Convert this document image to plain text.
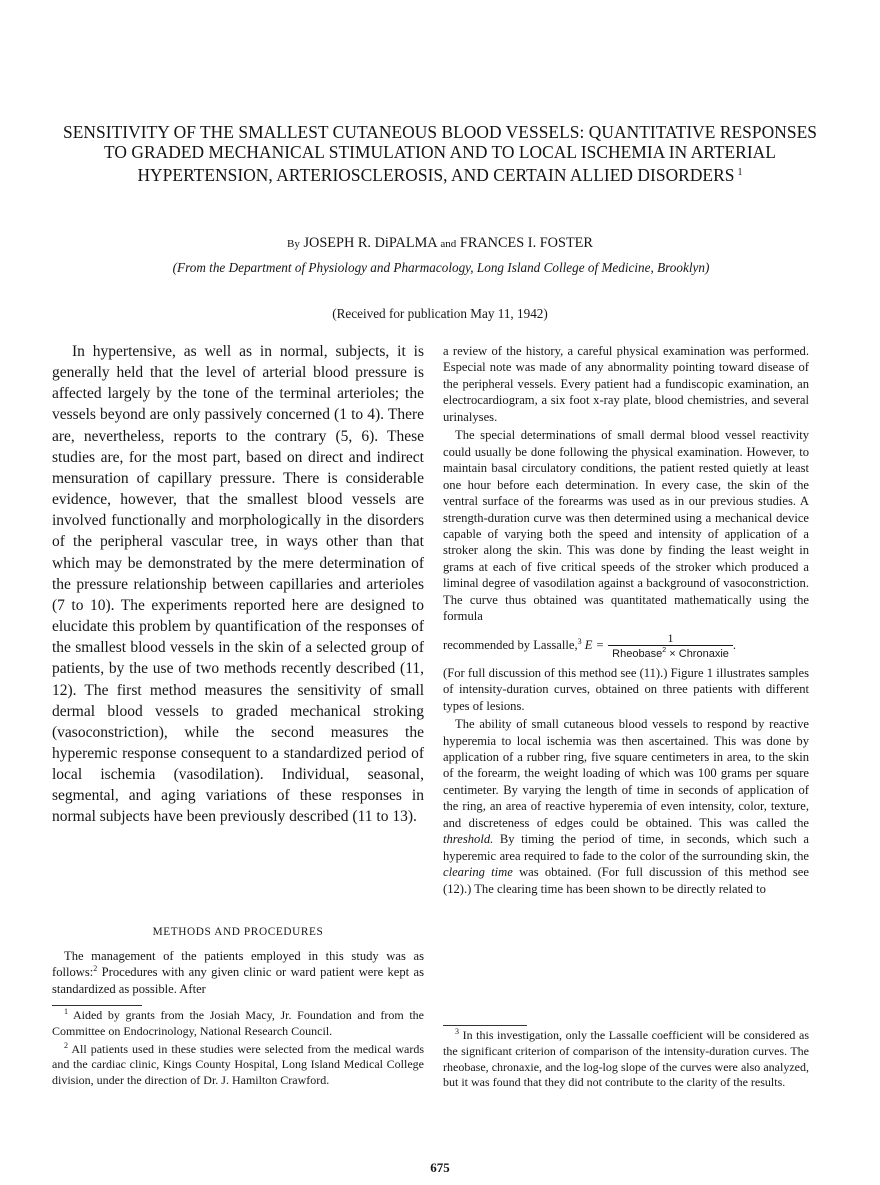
SENSITIVITY OF THE SMALLEST CUTANEOUS BLOOD VESSELS: QUANTITATIVE RESPONSES TO GRADED MECHANICAL STIMULATION AND TO LOCAL ISCHEMIA IN ARTERIAL HYPERTENSION, ARTERIOSCLEROSIS, AND CERTAIN ALLIED DISORDERS $^1$
By JOSEPH R. DiPALMA and FRANCES I. FOSTER
(From the Department of Physiology and Pharmacology, Long Island College of Medicine, Brooklyn)
(Received for publication May 11, 1942)

In hypertensive, as well as in normal, subjects, it is generally held that the level of arterial blood pressure is affected largely by the tone of the terminal arterioles; the vessels beyond are only passively concerned (1 to 4). There are, nevertheless, reports to the contrary (5, 6). These studies are, for the most part, based on direct and indirect mensuration of capillary pressure. There is considerable evidence, however, that the smallest blood vessels are involved functionally and morphologically in the disorders of the peripheral vascular tree, in ways other than that which may be demonstrated by the mere determination of the pressure relationship between capillaries and arterioles (7 to 10). The experiments reported here are designed to elucidate this problem by quantification of the responses of the smallest blood vessels in the skin of a selected group of patients, by the use of two methods recently described (11, 12). The first method measures the sensitivity of small dermal blood vessels to graded mechanical stroking (vasoconstriction), while the second measures the hyperemic response consequent to a standardized period of local ischemia (vasodilation). Individual, seasonal, segmental, and aging variations of these responses in normal subjects have been previously described (11 to 13).

METHODS AND PROCEDURES

The management of the patients employed in this study was as follows:$^2$ Procedures with any given clinic or ward patient were kept as standardized as possible. After

$^1$ Aided by grants from the Josiah Macy, Jr. Foundation and from the Committee on Endocrinology, National Research Council.

$^2$ All patients used in these studies were selected from the medical wards and the cardiac clinic, Kings County Hospital, Long Island Medical College division, under the direction of Dr. J. Hamilton Crawford.

a review of the history, a careful physical examination was performed. Especial note was made of any abnormality pointing toward disease of the peripheral vessels. Every patient had a fundiscopic examination, an electrocardiogram, a six foot x-ray plate, blood chemistries, and several urinalyses.

The special determinations of small dermal blood vessel reactivity could usually be done following the physical examination. However, to maintain basal circulatory conditions, the patient rested quietly at least one hour before each determination. In every case, the skin of the ventral surface of the forearms was used as in our previous studies. A strength-duration curve was then determined using a mechanical device capable of varying both the speed and intensity of application of a stroker along the skin. This was done by finding the least weight in grams at each of five critical speeds of the stroker which produced a liminal degree of vasodilation against a background of vasoconstriction. The curve thus obtained was quantitated mathematically using the formula

recommended by Lassalle,$^3$ $E = \frac{1}{Rheobase^2 \times Chronaxie}$ .

(For full discussion of this method see (11).) Figure 1 illustrates samples of intensity-duration curves, obtained on three patients with different types of lesions.

The ability of small cutaneous blood vessels to respond by reactive hyperemia to local ischemia was then ascertained. This was done by application of a rubber ring, five square centimeters in area, to the skin of the forearm, the weight loading of which was 100 grams per square centimeter. By varying the length of time in seconds of application of the ring, an area of reactive hyperemia of even intensity, color, texture, and discreteness of edges could be obtained. This was called the threshold. By timing the period of time, in seconds, which such a hyperemic area required to fade to the color of the surrounding skin, the clearing time was obtained. (For full discussion of this method see (12).) The clearing time has been shown to be directly related to

$^3$ In this investigation, only the Lassalle coefficient will be considered as the significant criterion of comparison of the intensity-duration curves. The rheobase, chronaxie, and the log-log slope of the curves were also analyzed, but it was found that they did not contribute to the clarity of the results.

675
